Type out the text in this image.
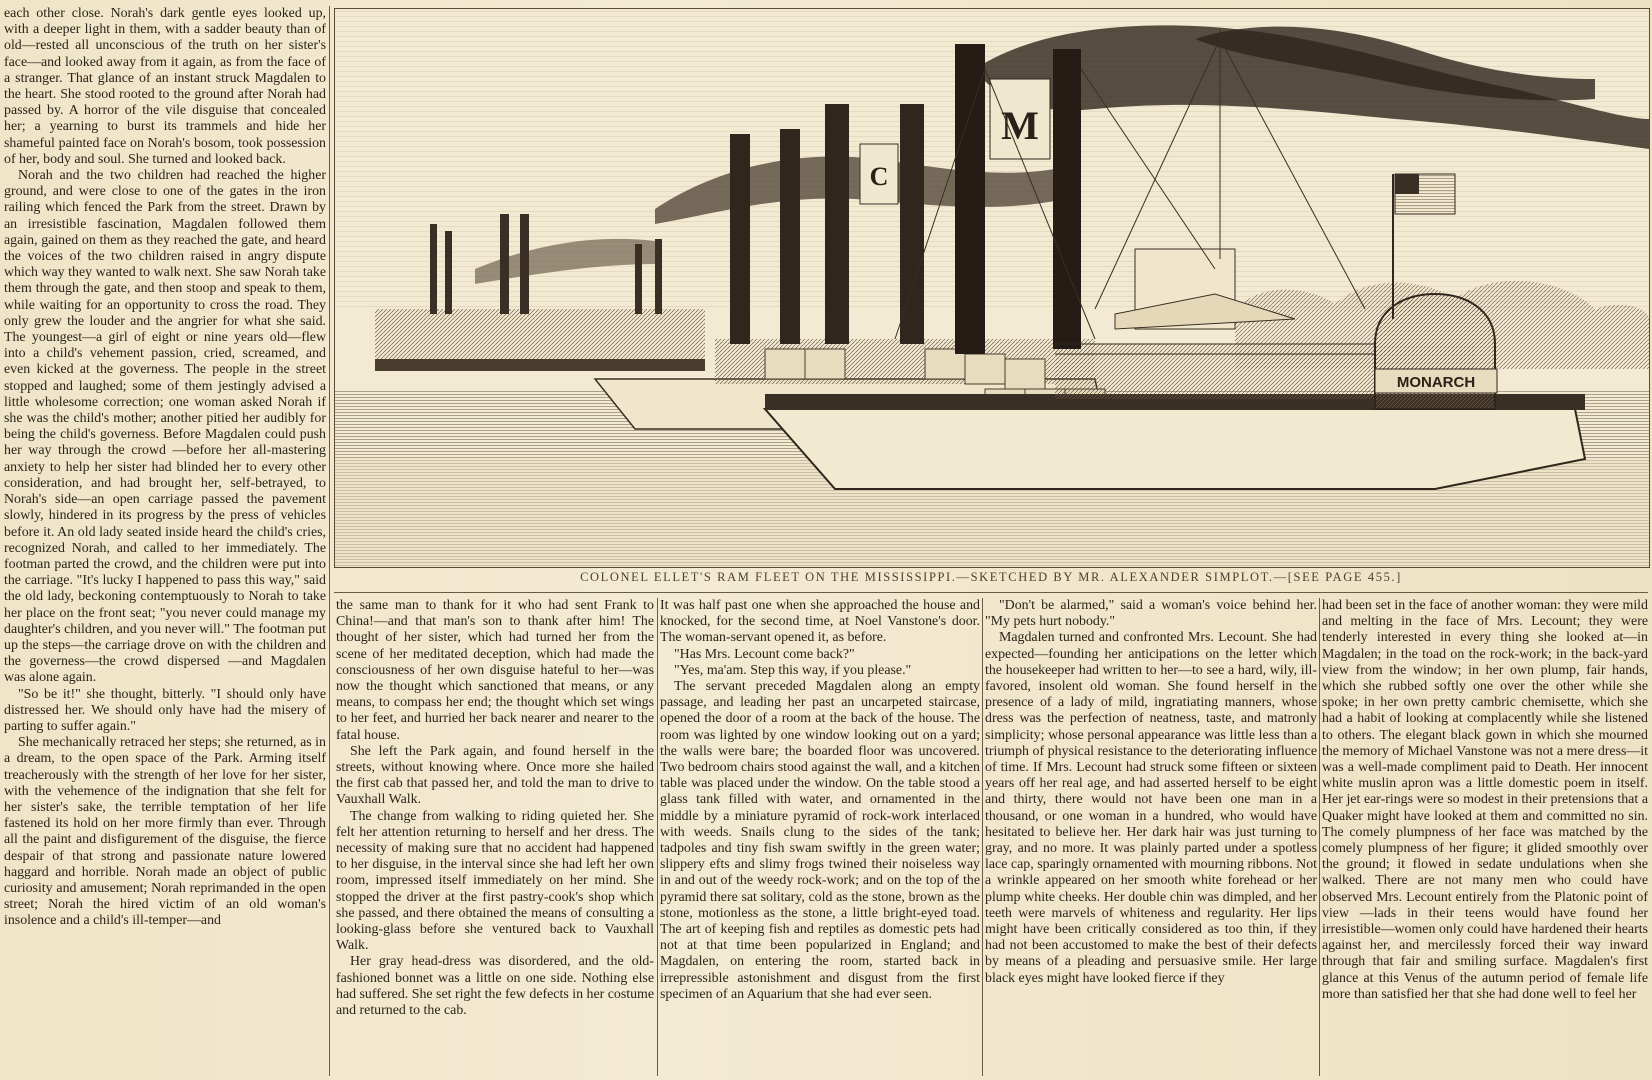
each other close. Norah's dark gentle eyes looked up, with a deeper light in them, with a sadder beauty than of old—rested all unconscious of the truth on her sister's face—and looked away from it again, as from the face of a stranger. That glance of an instant struck Magdalen to the heart. She stood rooted to the ground after Norah had passed by. A horror of the vile disguise that concealed her; a yearning to burst its trammels and hide her shameful painted face on Norah's bosom, took possession of her, body and soul. She turned and looked back.

Norah and the two children had reached the higher ground, and were close to one of the gates in the iron railing which fenced the Park from the street. Drawn by an irresistible fascination, Magdalen followed them again, gained on them as they reached the gate, and heard the voices of the two children raised in angry dispute which way they wanted to walk next. She saw Norah take them through the gate, and then stoop and speak to them, while waiting for an opportunity to cross the road. They only grew the louder and the angrier for what she said. The youngest—a girl of eight or nine years old—flew into a child's vehement passion, cried, screamed, and even kicked at the governess. The people in the street stopped and laughed; some of them jestingly advised a little wholesome correction; one woman asked Norah if she was the child's mother; another pitied her audibly for being the child's governess. Before Magdalen could push her way through the crowd —before her all-mastering anxiety to help her sister had blinded her to every other consideration, and had brought her, self-betrayed, to Norah's side—an open carriage passed the pavement slowly, hindered in its progress by the press of vehicles before it. An old lady seated inside heard the child's cries, recognized Norah, and called to her immediately. The footman parted the crowd, and the children were put into the carriage. "It's lucky I happened to pass this way," said the old lady, beckoning contemptuously to Norah to take her place on the front seat; "you never could manage my daughter's children, and you never will." The footman put up the steps—the carriage drove on with the children and the governess—the crowd dispersed —and Magdalen was alone again.

"So be it!" she thought, bitterly. "I should only have distressed her. We should only have had the misery of parting to suffer again."

She mechanically retraced her steps; she returned, as in a dream, to the open space of the Park. Arming itself treacherously with the strength of her love for her sister, with the vehemence of the indignation that she felt for her sister's sake, the terrible temptation of her life fastened its hold on her more firmly than ever. Through all the paint and disfigurement of the disguise, the fierce despair of that strong and passionate nature lowered haggard and horrible. Norah made an object of public curiosity and amusement; Norah reprimanded in the open street; Norah the hired victim of an old woman's insolence and a child's ill-temper—and

C
MONARCH
M
COLONEL ELLET'S RAM FLEET ON THE MISSISSIPPI.—SKETCHED BY MR. ALEXANDER SIMPLOT.—[SEE PAGE 455.]

the same man to thank for it who had sent Frank to China!—and that man's son to thank after him! The thought of her sister, which had turned her from the scene of her meditated deception, which had made the consciousness of her own disguise hateful to her—was now the thought which sanctioned that means, or any means, to compass her end; the thought which set wings to her feet, and hurried her back nearer and nearer to the fatal house.

She left the Park again, and found herself in the streets, without knowing where. Once more she hailed the first cab that passed her, and told the man to drive to Vauxhall Walk.

The change from walking to riding quieted her. She felt her attention returning to herself and her dress. The necessity of making sure that no accident had happened to her disguise, in the interval since she had left her own room, impressed itself immediately on her mind. She stopped the driver at the first pastry-cook's shop which she passed, and there obtained the means of consulting a looking-glass before she ventured back to Vauxhall Walk.

Her gray head-dress was disordered, and the old-fashioned bonnet was a little on one side. Nothing else had suffered. She set right the few defects in her costume and returned to the cab.

It was half past one when she approached the house and knocked, for the second time, at Noel Vanstone's door. The woman-servant opened it, as before.

"Has Mrs. Lecount come back?"

"Yes, ma'am. Step this way, if you please."

The servant preceded Magdalen along an empty passage, and leading her past an uncarpeted staircase, opened the door of a room at the back of the house. The room was lighted by one window looking out on a yard; the walls were bare; the boarded floor was uncovered. Two bedroom chairs stood against the wall, and a kitchen table was placed under the window. On the table stood a glass tank filled with water, and ornamented in the middle by a miniature pyramid of rock-work interlaced with weeds. Snails clung to the sides of the tank; tadpoles and tiny fish swam swiftly in the green water; slippery efts and slimy frogs twined their noiseless way in and out of the weedy rock-work; and on the top of the pyramid there sat solitary, cold as the stone, brown as the stone, motionless as the stone, a little bright-eyed toad. The art of keeping fish and reptiles as domestic pets had not at that time been popularized in England; and Magdalen, on entering the room, started back in irrepressible astonishment and disgust from the first specimen of an Aquarium that she had ever seen.

"Don't be alarmed," said a woman's voice behind her. "My pets hurt nobody."

Magdalen turned and confronted Mrs. Lecount. She had expected—founding her anticipations on the letter which the housekeeper had written to her—to see a hard, wily, ill-favored, insolent old woman. She found herself in the presence of a lady of mild, ingratiating manners, whose dress was the perfection of neatness, taste, and matronly simplicity; whose personal appearance was little less than a triumph of physical resistance to the deteriorating influence of time. If Mrs. Lecount had struck some fifteen or sixteen years off her real age, and had asserted herself to be eight and thirty, there would not have been one man in a thousand, or one woman in a hundred, who would have hesitated to believe her. Her dark hair was just turning to gray, and no more. It was plainly parted under a spotless lace cap, sparingly ornamented with mourning ribbons. Not a wrinkle appeared on her smooth white forehead or her plump white cheeks. Her double chin was dimpled, and her teeth were marvels of whiteness and regularity. Her lips might have been critically considered as too thin, if they had not been accustomed to make the best of their defects by means of a pleading and persuasive smile. Her large black eyes might have looked fierce if they

had been set in the face of another woman: they were mild and melting in the face of Mrs. Lecount; they were tenderly interested in every thing she looked at—in Magdalen; in the toad on the rock-work; in the back-yard view from the window; in her own plump, fair hands, which she rubbed softly one over the other while she spoke; in her own pretty cambric chemisette, which she had a habit of looking at complacently while she listened to others. The elegant black gown in which she mourned the memory of Michael Vanstone was not a mere dress—it was a well-made compliment paid to Death. Her innocent white muslin apron was a little domestic poem in itself. Her jet ear-rings were so modest in their pretensions that a Quaker might have looked at them and committed no sin. The comely plumpness of her face was matched by the comely plumpness of her figure; it glided smoothly over the ground; it flowed in sedate undulations when she walked. There are not many men who could have observed Mrs. Lecount entirely from the Platonic point of view —lads in their teens would have found her irresistible—women only could have hardened their hearts against her, and mercilessly forced their way inward through that fair and smiling surface. Magdalen's first glance at this Venus of the autumn period of female life more than satisfied her that she had done well to feel her
